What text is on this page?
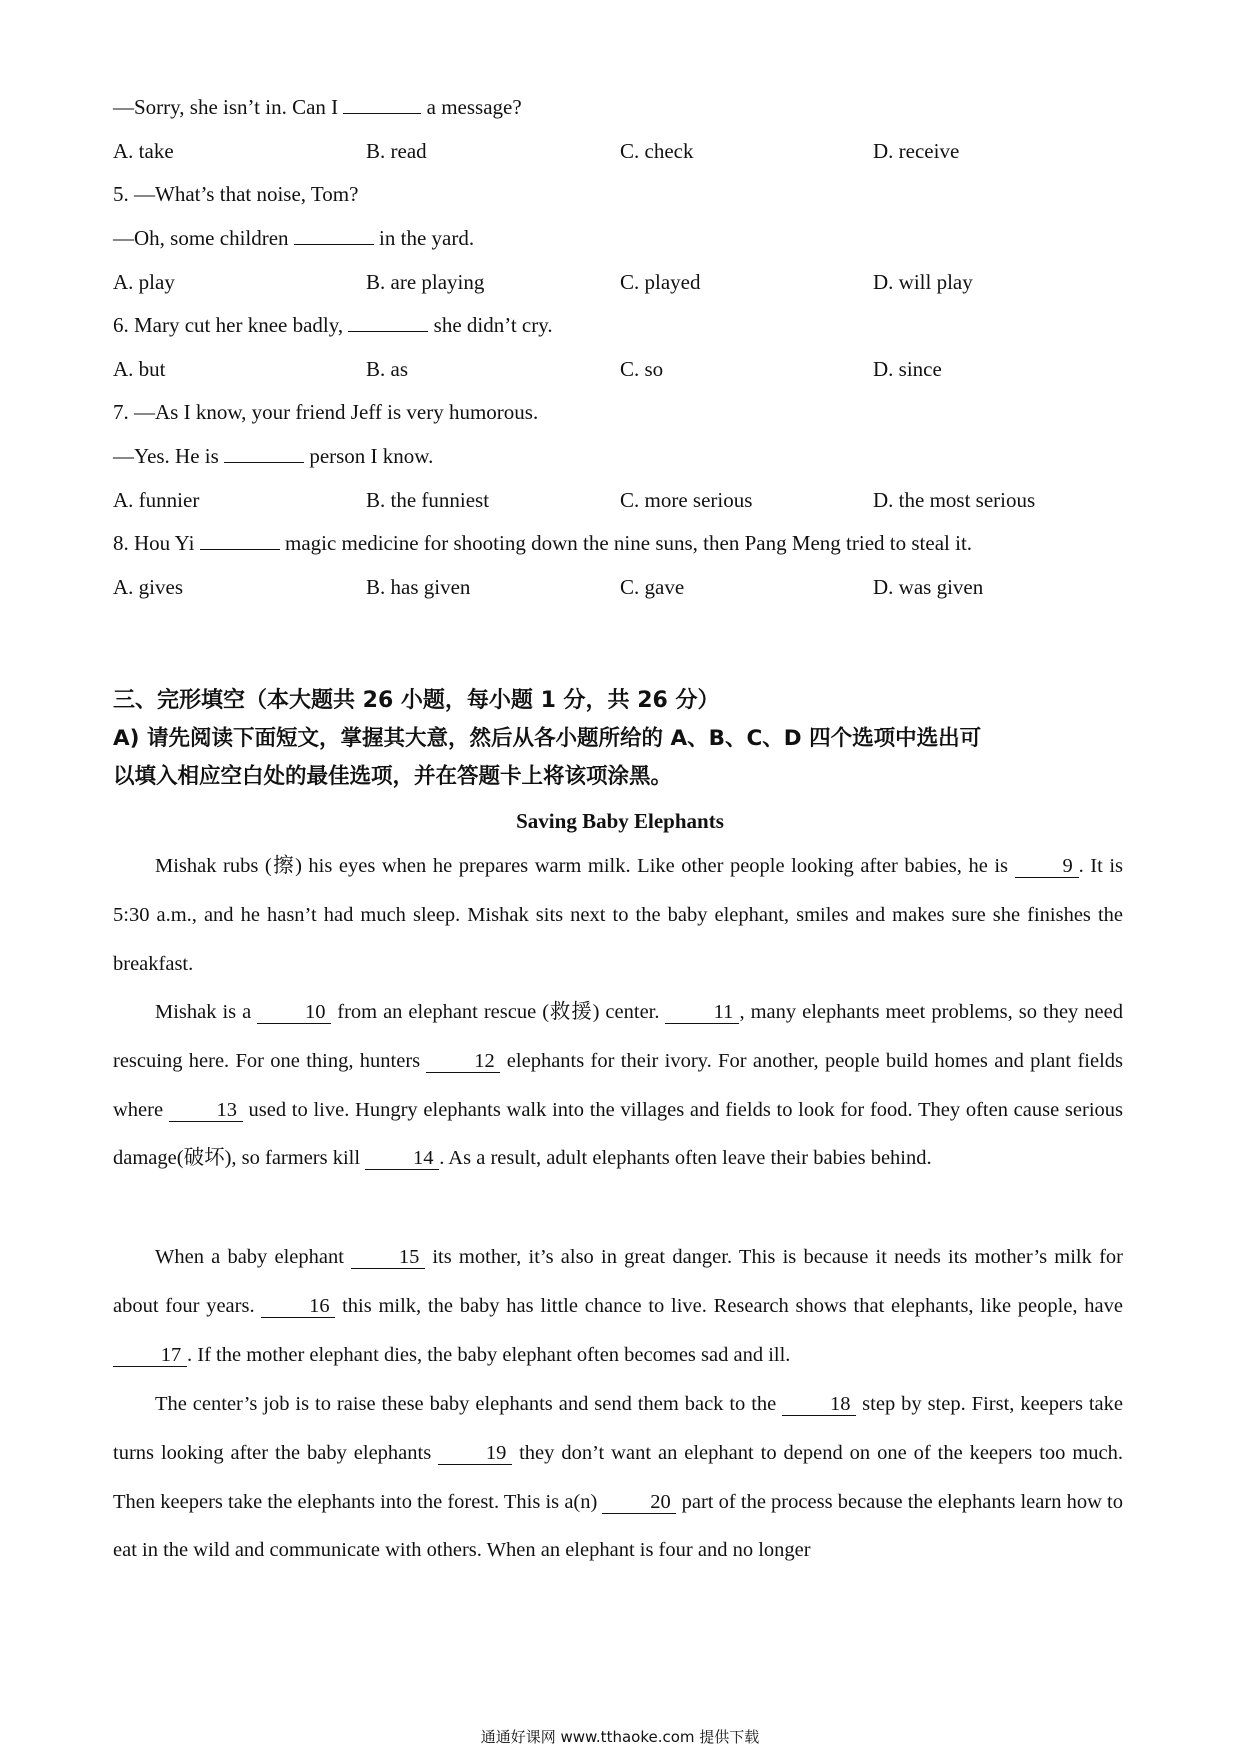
—Sorry, she isn’t in. Can I	a message?
A. take	B. read	C. check	D. receive
5. —What’s that noise, Tom?
—Oh, some children	in the yard.
A. play	B. are playing	C. played	D. will play
6. Mary cut her knee badly,	she didn’t cry.
A. but	B. as	C. so	D. since
7. —As I know, your friend Jeff is very humorous.
—Yes. He is	person I know.
A. funnier	B. the funniest	C. more serious	D. the most serious
8. Hou Yi	magic medicine for shooting down the nine suns, then Pang Meng tried to steal it.
A. gives	B. has given	C. gave	D. was given
三、完形填空（本大题共 26 小题，每小题 1 分，共 26 分）
A) 请先阅读下面短文，掌握其大意，然后从各小题所给的 A、B、C、D 四个选项中选出可
以填入相应空白处的最佳选项，并在答题卡上将该项涂黑。
Saving Baby Elephants
Mishak rubs (擦) his eyes when he prepares warm milk. Like other people looking after babies, he is 9 . It is 5:30 a.m., and he hasn’t had much sleep. Mishak sits next to the baby elephant, smiles and makes sure she finishes the breakfast.
Mishak is a 10 from an elephant rescue (救援) center. 11 , many elephants meet problems, so they need rescuing here. For one thing, hunters 12 elephants for their ivory. For another, people build homes and plant fields where 13 used to live. Hungry elephants walk into the villages and fields to look for food. They often cause serious damage(破坏), so farmers kill 14 . As a result, adult elephants often leave their babies behind.
When a baby elephant 15 its mother, it’s also in great danger. This is because it needs its mother’s milk for about four years. 16 this milk, the baby has little chance to live. Research shows that elephants, like people, have 17 . If the mother elephant dies, the baby elephant often becomes sad and ill.
The center’s job is to raise these baby elephants and send them back to the 18 step by step. First, keepers take turns looking after the baby elephants 19 they don’t want an elephant to depend on one of the keepers too much. Then keepers take the elephants into the forest. This is a(n) 20 part of the process because the elephants learn how to eat in the wild and communicate with others. When an elephant is four and no longer
通通好课网 www.tthaoke.com 提供下载
